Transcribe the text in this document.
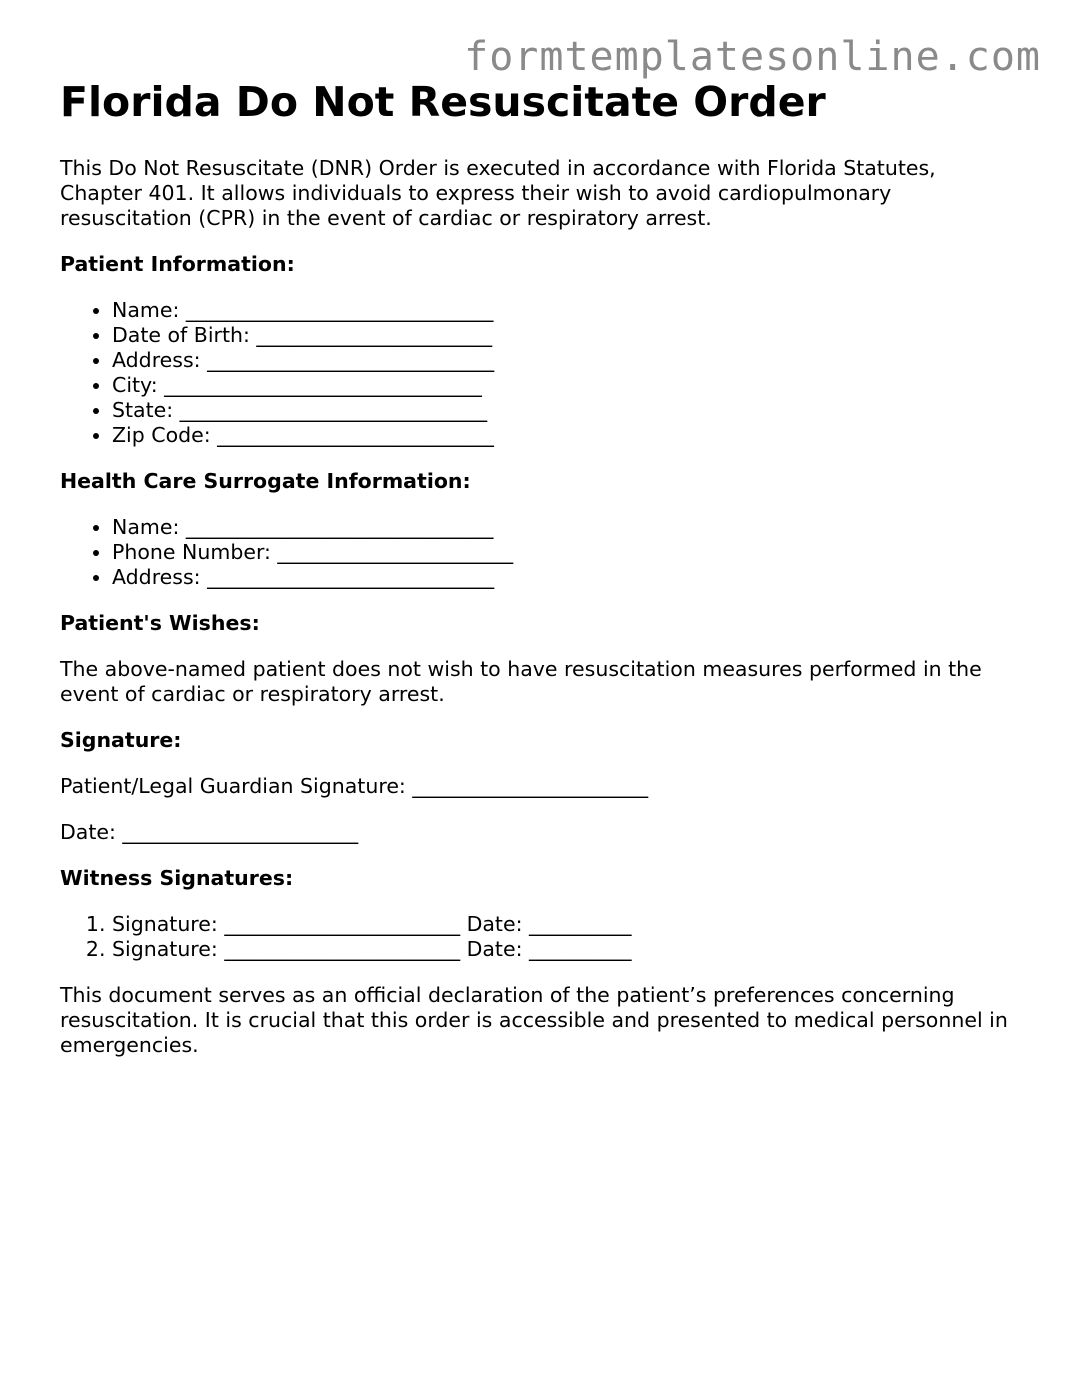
formtemplatesonline.com
Florida Do Not Resuscitate Order

This Do Not Resuscitate (DNR) Order is executed in accordance with Florida Statutes, Chapter 401. It allows individuals to express their wish to avoid cardiopulmonary resuscitation (CPR) in the event of cardiac or respiratory arrest.

Patient Information:

• Name: ______________________________
• Date of Birth: _______________________
• Address: ____________________________
• City: _______________________________
• State: ______________________________
• Zip Code: ___________________________

Health Care Surrogate Information:

• Name: ______________________________
• Phone Number: _______________________
• Address: ____________________________

Patient's Wishes:

The above-named patient does not wish to have resuscitation measures performed in the event of cardiac or respiratory arrest.

Signature:

Patient/Legal Guardian Signature: _______________________

Date: _______________________

Witness Signatures:

1. Signature: _______________________ Date: __________
2. Signature: _______________________ Date: __________

This document serves as an official declaration of the patient’s preferences concerning resuscitation. It is crucial that this order is accessible and presented to medical personnel in emergencies.
